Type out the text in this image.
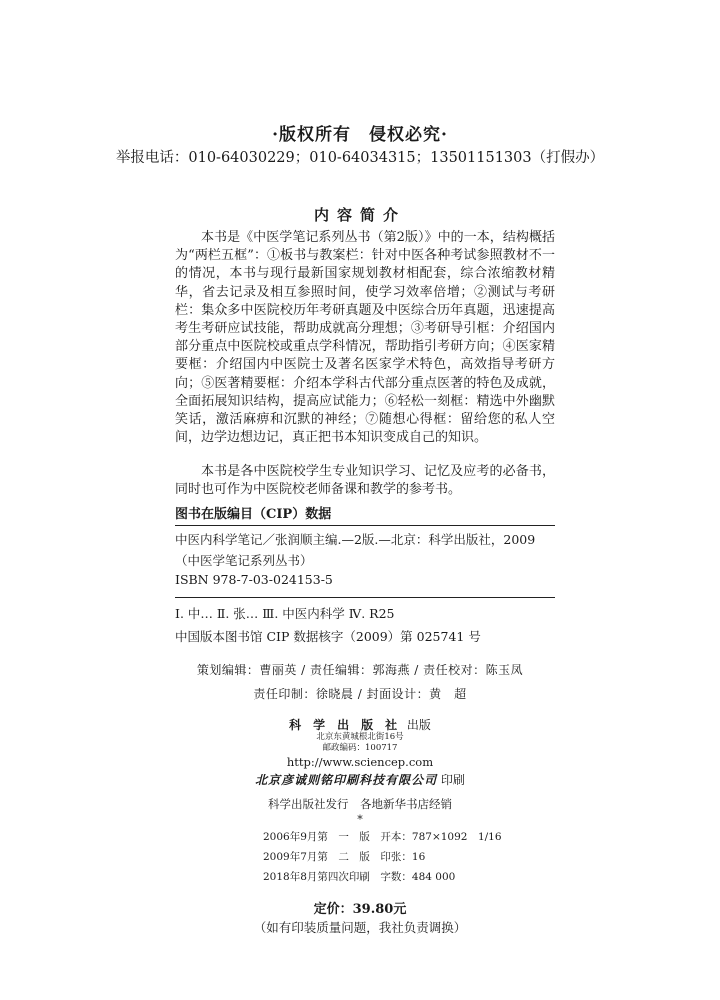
·版权所有　侵权必究·
举报电话：010-64030229；010-64034315；13501151303（打假办）
内容简介
本书是《中医学笔记系列丛书（第2版）》中的一本，结构概括为“两栏五框”：①板书与教案栏：针对中医各种考试参照教材不一的情况，本书与现行最新国家规划教材相配套，综合浓缩教材精华，省去记录及相互参照时间，使学习效率倍增；②测试与考研栏：集众多中医院校历年考研真题及中医综合历年真题，迅速提高考生考研应试技能，帮助成就高分理想；③考研导引框：介绍国内部分重点中医院校或重点学科情况，帮助指引考研方向；④医家精要框：介绍国内中医院士及著名医家学术特色，高效指导考研方向；⑤医著精要框：介绍本学科古代部分重点医著的特色及成就，全面拓展知识结构，提高应试能力；⑥轻松一刻框：精选中外幽默笑话，激活麻痹和沉默的神经；⑦随想心得框：留给您的私人空间，边学边想边记，真正把书本知识变成自己的知识。
本书是各中医院校学生专业知识学习、记忆及应考的必备书，同时也可作为中医院校老师备课和教学的参考书。
图书在版编目（CIP）数据
中医内科学笔记／张润顺主编.—2版.—北京：科学出版社，2009
（中医学笔记系列丛书）
ISBN 978-7-03-024153-5
Ⅰ. 中… Ⅱ. 张… Ⅲ. 中医内科学 Ⅳ. R25
中国版本图书馆 CIP 数据核字（2009）第 025741 号
策划编辑：曹丽英 / 责任编辑：郭海燕 / 责任校对：陈玉凤
责任印制：徐晓晨 / 封面设计：黄　超
科学出版社 出版
北京东黄城根北街16号
邮政编码：100717
http://www.sciencep.com
北京彦诚则铭印刷科技有限公司 印刷
科学出版社发行　各地新华书店经销
*
2006年9月第　一　版　开本：787×1092　1/16
2009年7月第　二　版　印张：16
2018年8月第四次印刷　字数：484 000
定价：39.80元
（如有印装质量问题，我社负责调换）
